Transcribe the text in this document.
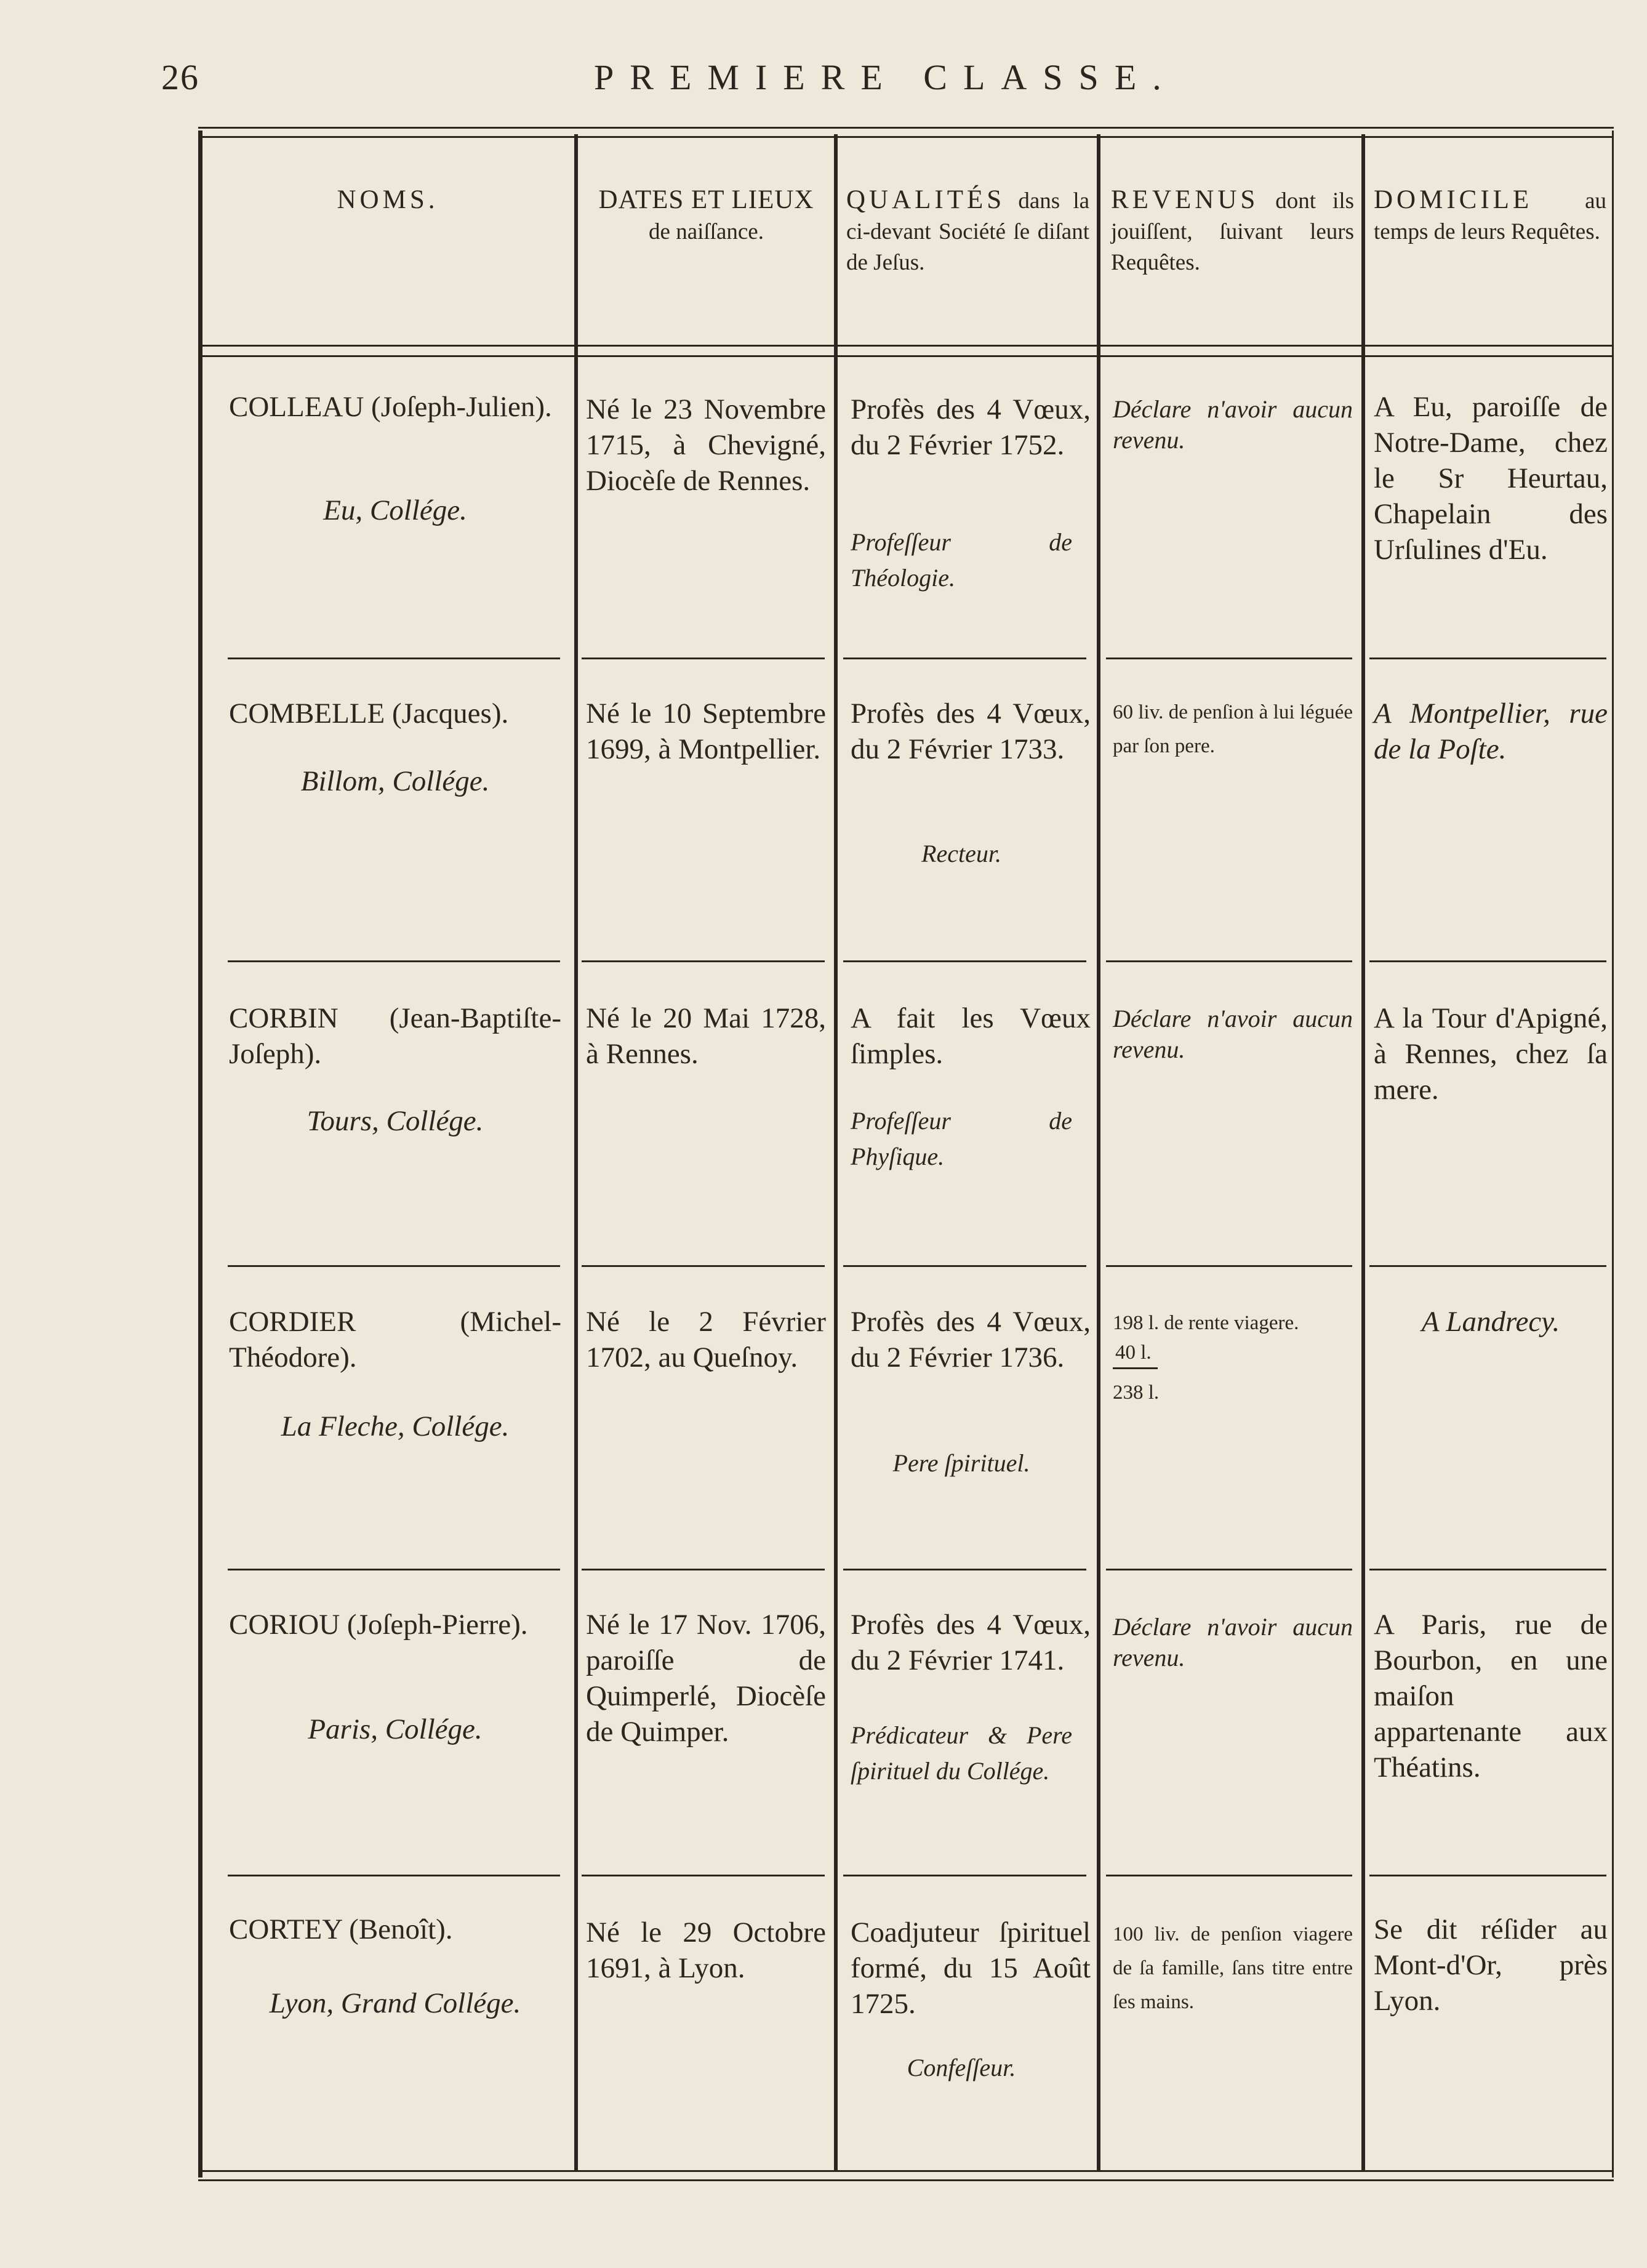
26	PREMIERE CLASSE.
NOMS.	DATES ET LIEUX
de naiſſance.
QUALITÉS dans la ci-devant Société ſe diſant de Jeſus.
REVENUS dont ils jouiſſent, ſuivant leurs Requêtes.
DOMICILE au temps de leurs Requêtes.
COLLEAU (Joſeph-Julien).
Eu, Collége.
Né le 23 Novembre 1715, à Chevigné, Diocèſe de Rennes.
Profès des 4 Vœux, du 2 Février 1752.
Profeſſeur de Théologie.
Déclare n'avoir aucun revenu.
A Eu, paroiſſe de Notre-Dame, chez le Sr Heurtau, Chapelain des Urſulines d'Eu.
COMBELLE (Jacques).
Billom, Collége.
Né le 10 Septembre 1699, à Montpellier.
Profès des 4 Vœux, du 2 Février 1733.
Recteur.
60 liv. de penſion à lui léguée par ſon pere.
A Montpellier, rue de la Poſte.
CORBIN (Jean-Baptiſte-Joſeph).
Tours, Collége.
Né le 20 Mai 1728, à Rennes.
A fait les Vœux ſimples.
Profeſſeur de Phyſique.
Déclare n'avoir aucun revenu.
A la Tour d'Apigné, à Rennes, chez ſa mere.
CORDIER (Michel-Théodore).
La Fleche, Collége.
Né le 2 Février 1702, au Queſnoy.
Profès des 4 Vœux, du 2 Février 1736.
Pere ſpirituel.
198 l. de rente viagere.
40 l.
238 l.
A Landrecy.
CORIOU (Joſeph-Pierre).
Paris, Collége.
Né le 17 Nov. 1706, paroiſſe de Quimperlé, Diocèſe de Quimper.
Profès des 4 Vœux, du 2 Février 1741.
Prédicateur & Pere ſpirituel du Collége.
Déclare n'avoir aucun revenu.
A Paris, rue de Bourbon, en une maiſon appartenante aux Théatins.
CORTEY (Benoît).
Lyon, Grand Collége.
Né le 29 Octobre 1691, à Lyon.
Coadjuteur ſpirituel formé, du 15 Août 1725.
Confeſſeur.
100 liv. de penſion viagere de ſa famille, ſans titre entre ſes mains.
Se dit réſider au Mont-d'Or, près Lyon.
